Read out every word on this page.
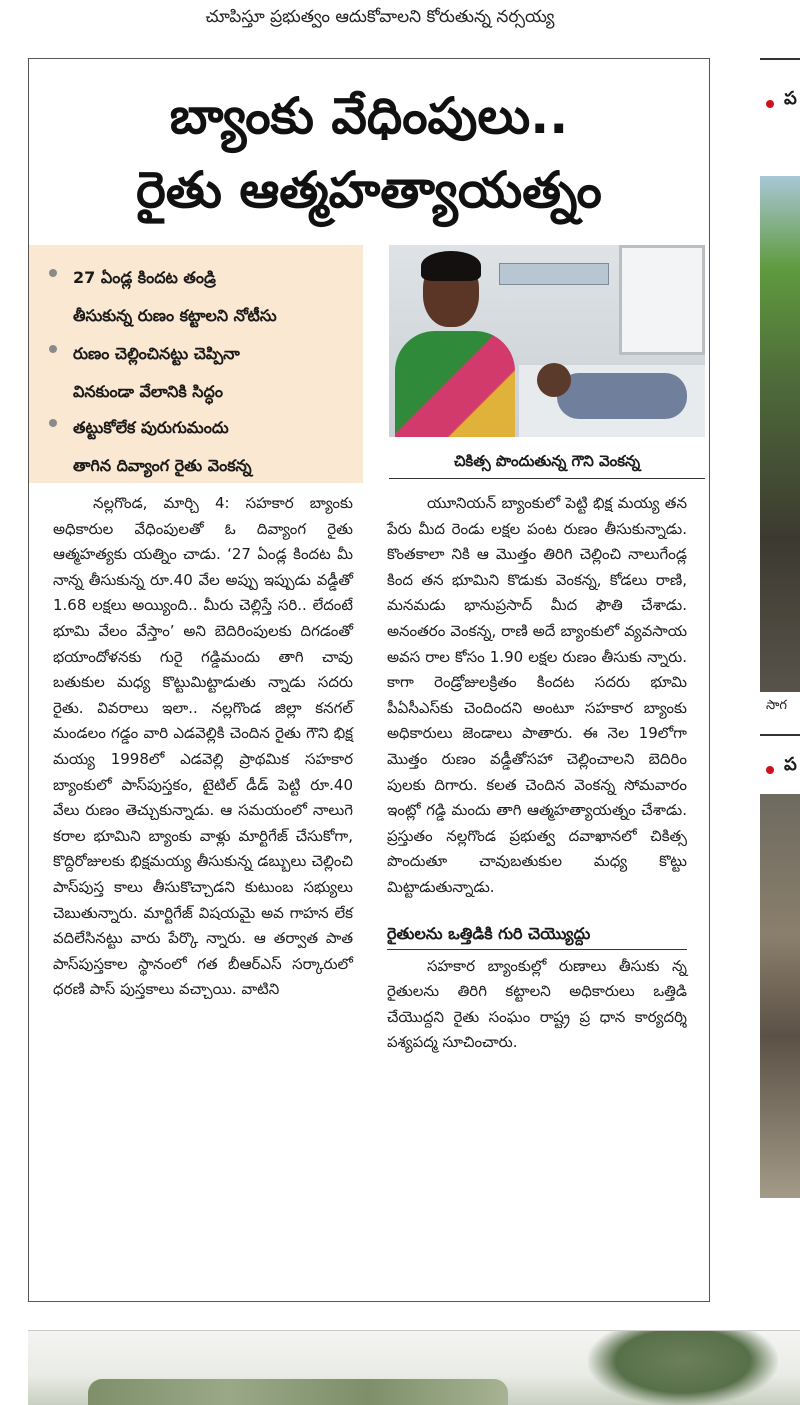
చూపిస్తూ ప్రభుత్వం ఆదుకోవాలని కోరుతున్న నర్సయ్య
బ్యాంకు వేధింపులు..
రైతు ఆత్మహత్యాయత్నం
27 ఏండ్ల కిందట తండ్రి
తీసుకున్న రుణం కట్టాలని నోటీసు
రుణం చెల్లించినట్టు చెప్పినా
వినకుండా వేలానికి సిద్ధం
తట్టుకోలేక పురుగుమందు
తాగిన దివ్యాంగ రైతు వెంకన్న	చికిత్స పొందుతున్న గౌని వెంకన్న

నల్లగొండ, మార్చి 4: సహకార బ్యాంకు అధికారుల వేధింపులతో ఓ దివ్యాంగ రైతు ఆత్మహత్యకు యత్నిం చాడు. ‘27 ఏండ్ల కిందట మీ నాన్న తీసుకున్న రూ.40 వేల అప్పు ఇప్పుడు వడ్డీతో 1.68 లక్షలు అయ్యింది.. మీరు చెల్లిస్తే సరి.. లేదంటే భూమి వేలం వేస్తాం’ అని బెదిరింపులకు దిగడంతో భయాందోళనకు గురై గడ్డిమందు తాగి చావు బతుకుల మధ్య కొట్టుమిట్టాడుతు న్నాడు సదరు రైతు. వివరాలు ఇలా.. నల్లగొండ జిల్లా కనగల్ మండలం గడ్డం వారి ఎడవెల్లికి చెందిన రైతు గౌని భిక్ష మయ్య 1998లో ఎడవెల్లి ప్రాథమిక సహకార బ్యాంకులో పాస్‌పుస్తకం, టైటిల్ డీడ్ పెట్టి రూ.40 వేలు రుణం తెచ్చుకున్నాడు. ఆ సమయంలో నాలుగె కరాల భూమిని బ్యాంకు వాళ్లు మార్టిగేజ్ చేసుకోగా, కొద్దిరోజులకు భిక్షమయ్య తీసుకున్న డబ్బులు చెల్లించి పాస్‌పుస్త కాలు తీసుకొచ్చాడని కుటుంబ సభ్యులు చెబుతున్నారు. మార్టిగేజ్ విషయమై అవ గాహన లేక వదిలేసినట్టు వారు పేర్కొ న్నారు. ఆ తర్వాత పాత పాస్‌పుస్తకాల స్థానంలో గత బీఆర్‌ఎస్ సర్కారులో ధరణి పాస్ పుస్తకాలు వచ్చాయి. వాటిని

యూనియన్ బ్యాంకులో పెట్టి భిక్ష మయ్య తన పేరు మీద రెండు లక్షల పంట రుణం తీసుకున్నాడు. కొంతకాలా నికి ఆ మొత్తం తిరిగి చెల్లించి నాలుగేండ్ల కింద తన భూమిని కొడుకు వెంకన్న, కోడలు రాణి, మనమడు భానుప్రసాద్ మీద ఫౌతి చేశాడు. అనంతరం వెంకన్న, రాణి అదే బ్యాంకులో వ్యవసాయ అవస రాల కోసం 1.90 లక్షల రుణం తీసుకు న్నారు. కాగా రెండ్రోజులక్రితం కిందట సదరు భూమి పీఏసీఎస్‌కు చెందిందని అంటూ సహకార బ్యాంకు అధికారులు జెండాలు పాతారు. ఈ నెల 19లోగా మొత్తం రుణం వడ్డీతోసహా చెల్లించాలని బెదిరిం పులకు దిగారు. కలత చెందిన వెంకన్న సోమవారం ఇంట్లో గడ్డి మందు తాగి ఆత్మహత్యాయత్నం చేశాడు. ప్రస్తుతం నల్లగొండ ప్రభుత్వ దవాఖానలో చికిత్స పొందుతూ చావుబతుకుల మధ్య కొట్టు మిట్టాడుతున్నాడు.

రైతులను ఒత్తిడికి గురి చెయ్యొద్దు

సహకార బ్యాంకుల్లో రుణాలు తీసుకు న్న రైతులను తిరిగి కట్టాలని అధికారులు ఒత్తిడి చేయొద్దని రైతు సంఘం రాష్ట్ర ప్ర ధాన కార్యదర్శి పశ్యపద్మ సూచించారు.

ప
సాగ
ప
